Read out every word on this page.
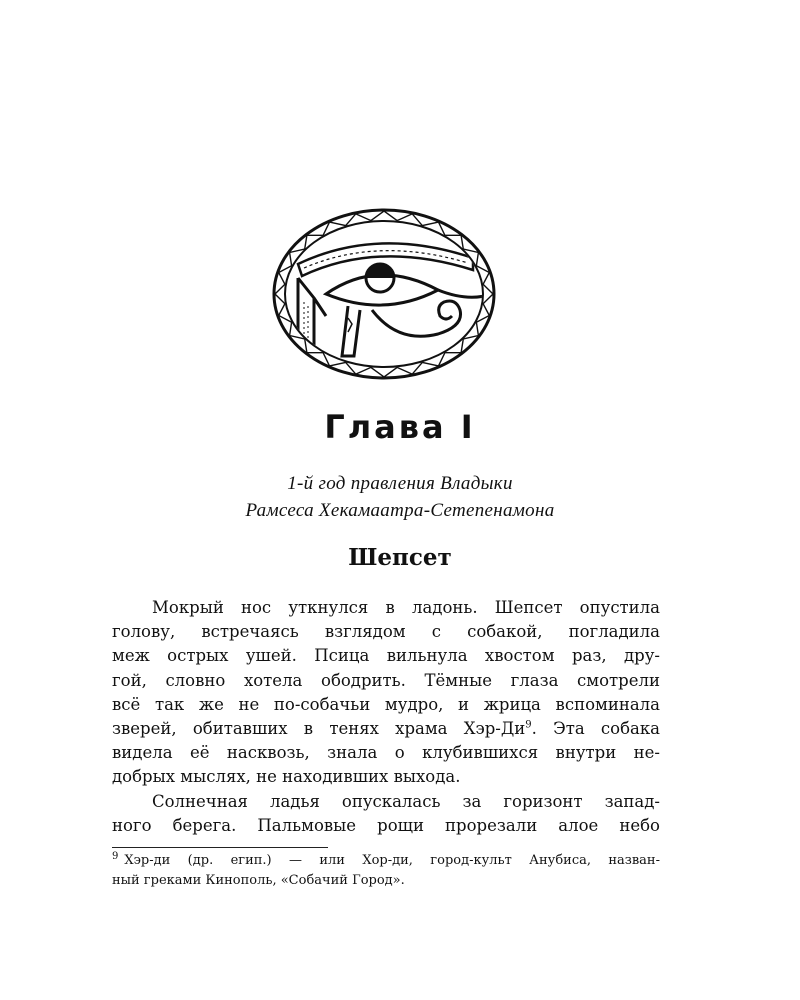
Глава I
1-й год правления Владыки
Рамсеса Хекамаатра-Сетепенамона
Шепсет
Мокрый нос уткнулся в ладонь. Шепсет опустила
голову, встречаясь взглядом с собакой, погладила
меж острых ушей. Псица вильнула хвостом раз, дру-
гой, словно хотела ободрить. Тёмные глаза смотрели
всё так же не по-собачьи мудро, и жрица вспоминала
зверей, обитавших в тенях храма Хэр-$Ди^9$. Эта собака
видела её насквозь, знала о клубившихся внутри не-
добрых мыслях, не находивших выхода.
Солнечная ладья опускалась за горизонт запад-
ного берега. Пальмовые рощи прорезали алое небо
$^9$ Хэр-ди (др. егип.) — или Хор-ди, город-культ Анубиса, назван-
ный греками Кинополь, «Собачий Город».
